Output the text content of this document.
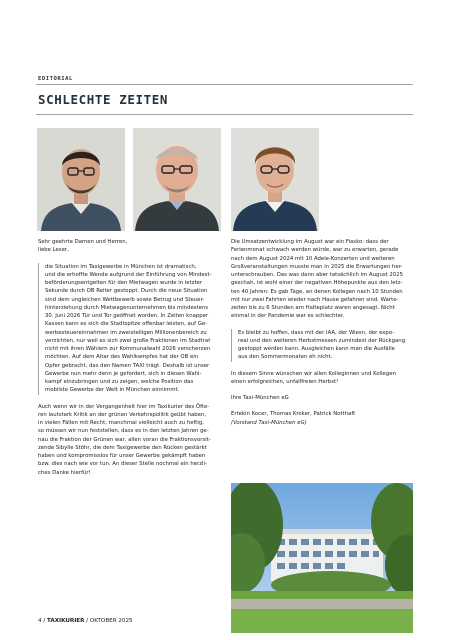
EDITORIAL
SCHLECHTE ZEITEN

Sehr geehrte Damen und Herren,
liebe Leser,

die Situation im Taxigewerbe in München ist dramatisch,
und die erhoffte Wende aufgrund der Einführung von Mindest-
beförderungsentgelten für den Mietwagen wurde in letzter
Sekunde durch OB Reiter gestoppt. Durch die neue Situation
sind dem ungleichen Wettbewerb sowie Betrug und Steuer-
hinterziehung durch Mietwagenunternehmen bis mindestens
30. Juni 2026 Tür und Tor geöffnet worden. In Zeiten knapper
Kassen kann es sich die Stadtspitze offenbar leisten, auf Ge-
werbesteuereinnahmen im zweistelligen Millionenbereich zu
verzichten, nur weil es sich zwei große Fraktionen im Stadtrat
nicht mit ihren Wählern zur Kommunalwahl 2026 verscherzen
möchten. Auf dem Altar des Wahlkampfes hat der OB ein
Opfer gebracht, das den Namen TAXI trägt. Deshalb ist unser
Gewerbe nun mehr denn je gefordert, sich in diesen Wahl-
kampf einzubringen und zu zeigen, welche Position das
mobilste Gewerbe der Welt in München einnimmt.

Auch wenn wir in der Vergangenheit hier im Taxikurier des Öfte-
ren lautstark Kritik an der grünen Verkehrspolitik geübt haben,
in vielen Fällen mit Recht, manchmal vielleicht auch zu heftig,
so müssen wir nun feststellen, dass es in den letzten Jahren ge-
nau die Fraktion der Grünen war, allen voran die Fraktionsvorsit-
zende Sibylle Stöhr, die dem Taxigewerbe den Rücken gestärkt
haben und kompromisslos für unser Gewerbe gekämpft haben
bzw. dies nach wie vor tun. An dieser Stelle nochmal ein herzli-
ches Danke hierfür!

Die Umsatzentwicklung im August war ein Fiasko: dass der
Ferienmonat schwach werden würde, war zu erwarten, gerade
nach dem August 2024 mit 10 Adele-Konzerten und weiteren
Großveranstaltungen musste man in 2025 die Erwartungen her-
unterschrauben. Das was dann aber tatsächlich im August 2025
geschah, ist wohl einer der negativen Höhepunkte aus den letz-
ten 40 Jahren: Es gab Tage, an denen Kollegen nach 10 Stunden
mit nur zwei Fahrten wieder nach Hause gefahren sind. Warte-
zeiten bis zu 6 Stunden am Halteplatz waren angesagt. Nicht
einmal in der Pandemie war es schlechter.

Es bleibt zu hoffen, dass mit der IAA, der Wiesn, der expo-
real und den weiteren Herbstmessen zumindest der Rückgang
gestoppt werden kann. Ausgleichen kann man die Ausfälle
aus den Sommermonaten eh nicht.

In diesem Sinne wünschen wir allen Kolleginnen und Kollegen
einen erfolgreichen, unfallfreien Herbst!

Ihre Taxi-München eG

Ertekin Kocer, Thomas Kroker, Patrick Notthaft

(Vorstand Taxi-München eG)

4 / TAXIKURIER / OKTOBER 2025
